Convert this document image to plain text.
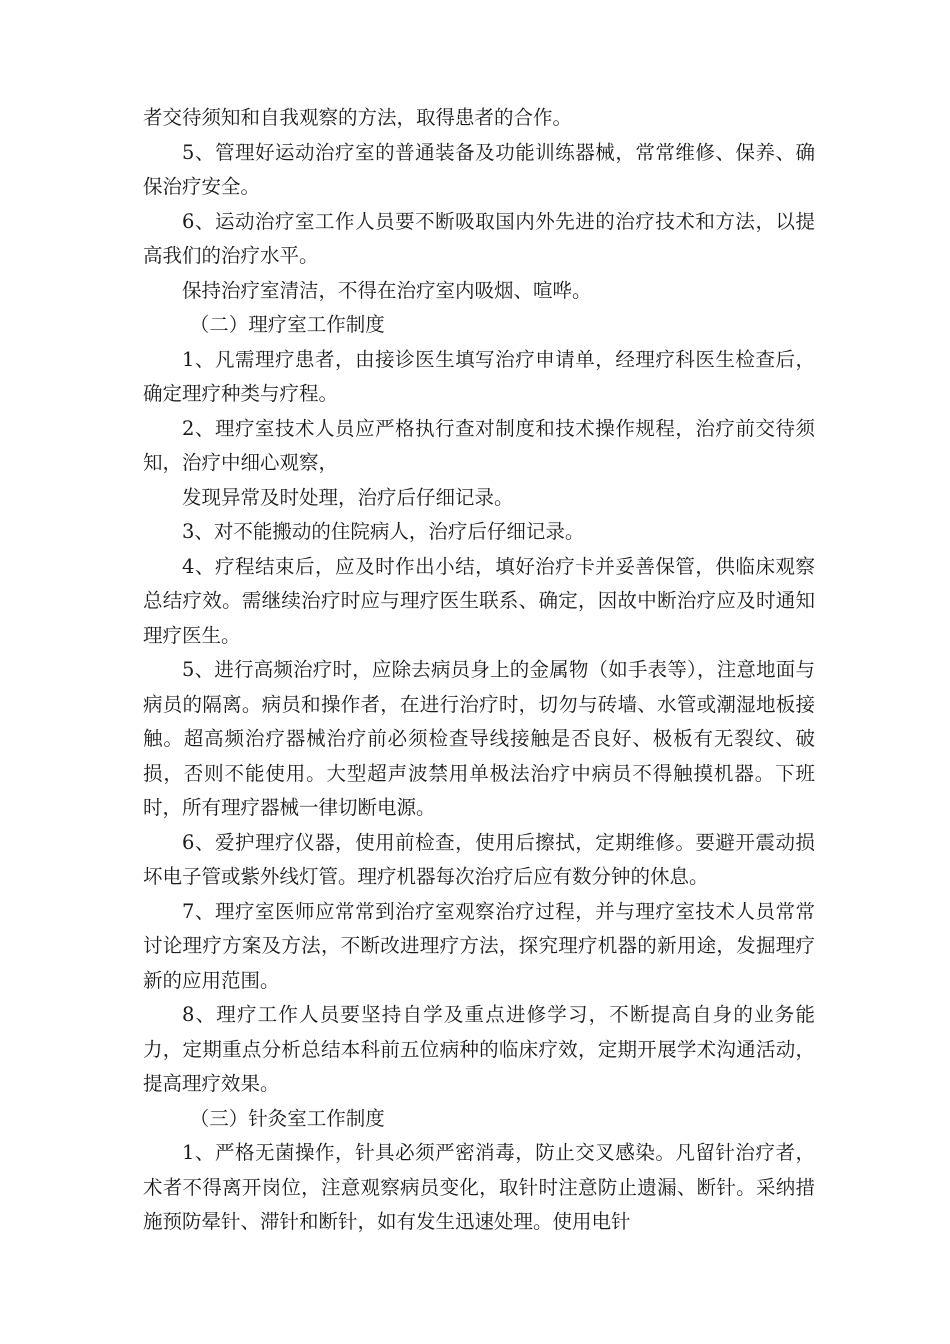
者交待须知和自我观察的方法，取得患者的合作。

5、管理好运动治疗室的普通装备及功能训练器械，常常维修、保养、确保治疗安全。

6、运动治疗室工作人员要不断吸取国内外先进的治疗技术和方法，以提高我们的治疗水平。

保持治疗室清洁，不得在治疗室内吸烟、喧哗。

（二）理疗室工作制度

1、凡需理疗患者，由接诊医生填写治疗申请单，经理疗科医生检查后，确定理疗种类与疗程。

2、理疗室技术人员应严格执行查对制度和技术操作规程，治疗前交待须知，治疗中细心观察，

发现异常及时处理，治疗后仔细记录。

3、对不能搬动的住院病人，治疗后仔细记录。

4、疗程结束后，应及时作出小结，填好治疗卡并妥善保管，供临床观察总结疗效。需继续治疗时应与理疗医生联系、确定，因故中断治疗应及时通知理疗医生。

5、进行高频治疗时，应除去病员身上的金属物（如手表等），注意地面与病员的隔离。病员和操作者，在进行治疗时，切勿与砖墙、水管或潮湿地板接触。超高频治疗器械治疗前必须检查导线接触是否良好、极板有无裂纹、破损，否则不能使用。大型超声波禁用单极法治疗中病员不得触摸机器。下班时，所有理疗器械一律切断电源。

6、爱护理疗仪器，使用前检查，使用后擦拭，定期维修。要避开震动损坏电子管或紫外线灯管。理疗机器每次治疗后应有数分钟的休息。

7、理疗室医师应常常到治疗室观察治疗过程，并与理疗室技术人员常常讨论理疗方案及方法，不断改进理疗方法，探究理疗机器的新用途，发掘理疗新的应用范围。

8、理疗工作人员要坚持自学及重点进修学习，不断提高自身的业务能力，定期重点分析总结本科前五位病种的临床疗效，定期开展学术沟通活动，提高理疗效果。

（三）针灸室工作制度

1、严格无菌操作，针具必须严密消毒，防止交叉感染。凡留针治疗者，术者不得离开岗位，注意观察病员变化，取针时注意防止遗漏、断针。采纳措施预防晕针、滞针和断针，如有发生迅速处理。使用电针
